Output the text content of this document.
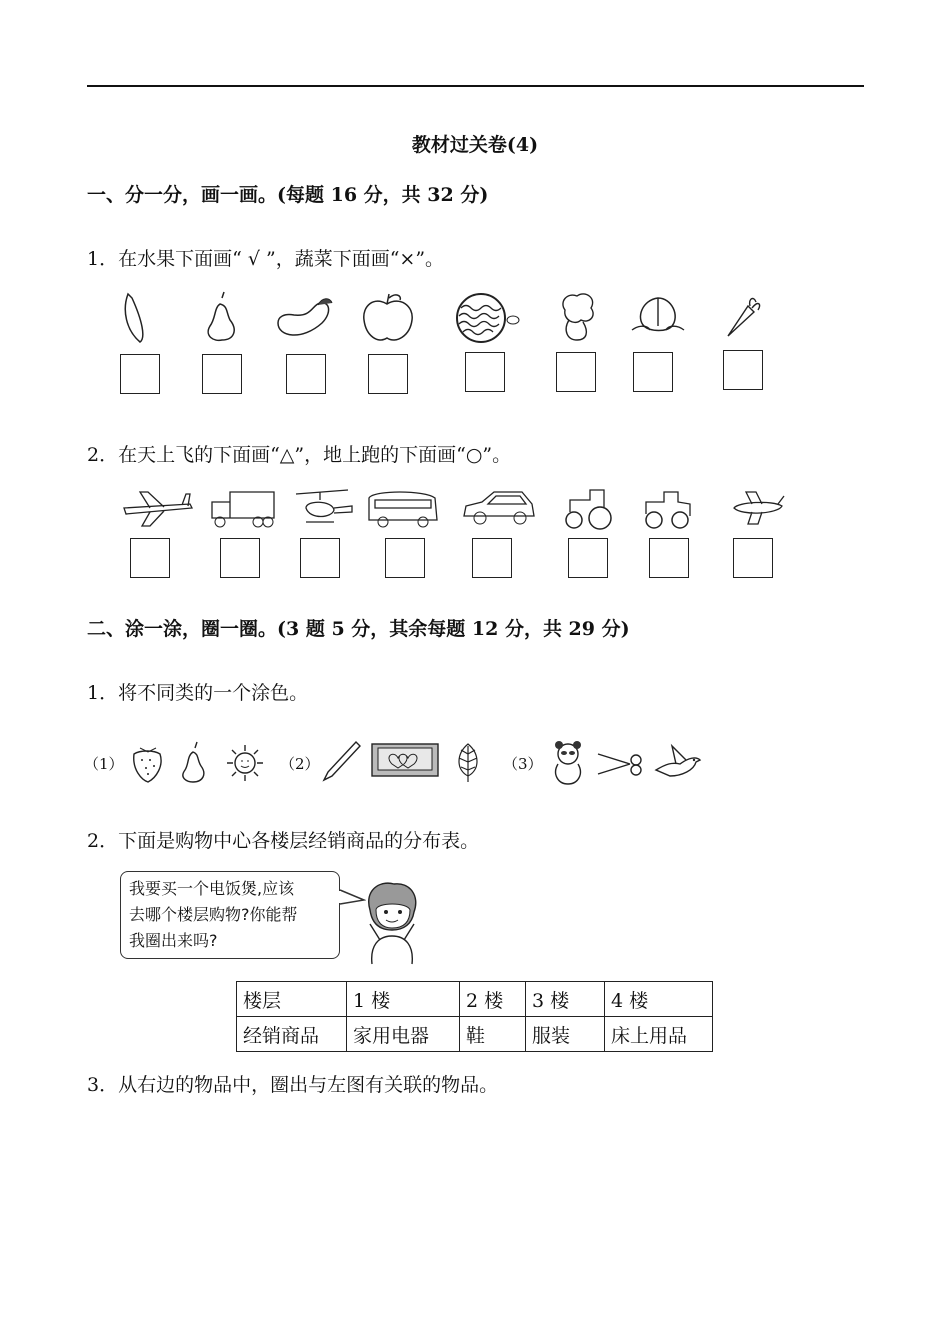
教材过关卷(4)
一、分一分，画一画。(每题 16 分，共 32 分)
1．在水果下面画“ √ ”，蔬菜下面画“×”。
2．在天上飞的下面画“△”，地上跑的下面画“○”。
二、涂一涂，圈一圈。(3 题 5 分，其余每题 12 分，共 29 分)
1．将不同类的一个涂色。
（1）	（2）	（3）
2．下面是购物中心各楼层经销商品的分布表。
我要买一个电饭煲,应该
去哪个楼层购物?你能帮
我圈出来吗?
楼层	1 楼	2 楼	3 楼	4 楼
经销商品	家用电器	鞋	服装	床上用品
3．从右边的物品中，圈出与左图有关联的物品。
